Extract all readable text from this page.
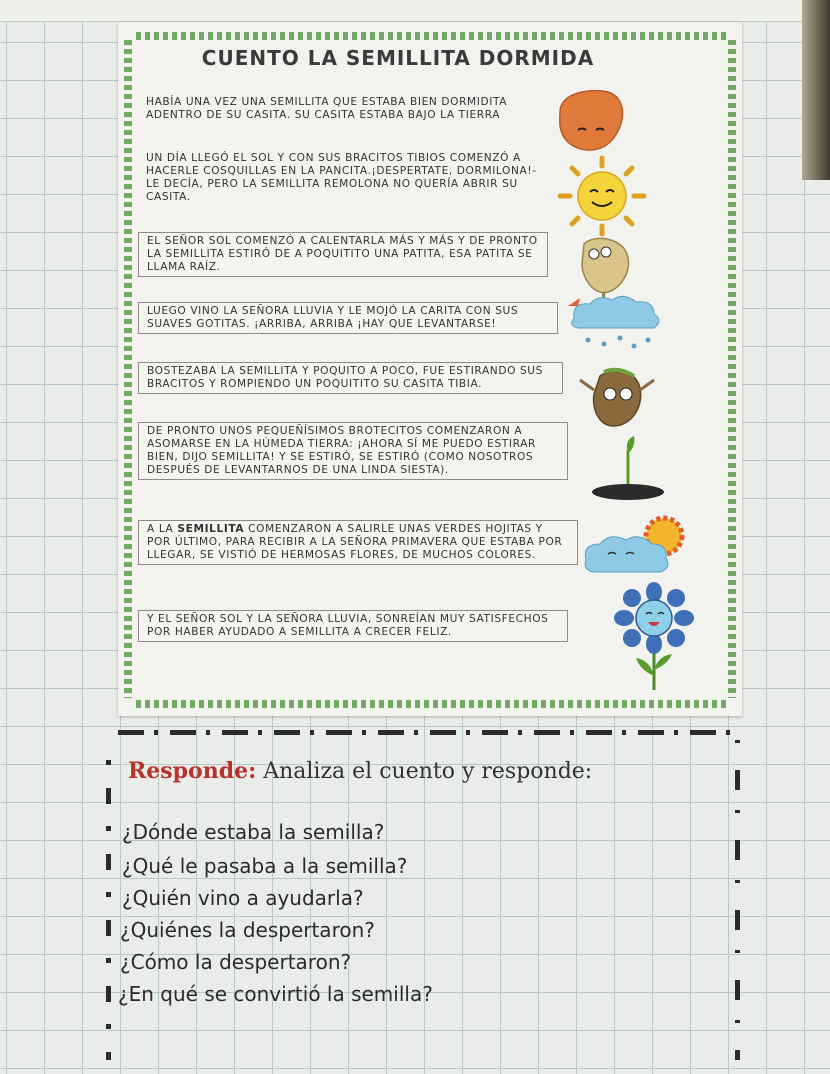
CUENTO LA SEMILLITA DORMIDA
HABÍA UNA VEZ UNA SEMILLITA QUE ESTABA BIEN DORMIDITA ADENTRO DE SU CASITA. SU CASITA ESTABA BAJO LA TIERRA
UN DÍA LLEGÓ EL SOL Y CON SUS BRACITOS TIBIOS COMENZÓ A HACERLE COSQUILLAS EN LA PANCITA.¡DESPERTATE, DORMILONA!- LE DECÍA, PERO LA SEMILLITA REMOLONA NO QUERÍA ABRIR SU CASITA.
EL SEÑOR SOL COMENZÓ A CALENTARLA MÁS Y MÁS Y DE PRONTO LA SEMILLITA ESTIRÓ DE A POQUITITO UNA PATITA, ESA PATITA SE LLAMA RAÍZ.
LUEGO VINO LA SEÑORA LLUVIA Y LE MOJÓ LA CARITA CON SUS SUAVES GOTITAS. ¡ARRIBA, ARRIBA ¡HAY QUE LEVANTARSE!
BOSTEZABA LA SEMILLITA Y POQUITO A POCO, FUE ESTIRANDO SUS BRACITOS Y ROMPIENDO UN POQUITITO SU CASITA TIBIA.
DE PRONTO UNOS PEQUEÑÍSIMOS BROTECITOS COMENZARON A ASOMARSE EN LA HÚMEDA TIERRA: ¡AHORA SÍ ME PUEDO ESTIRAR BIEN, DIJO SEMILLITA! Y SE ESTIRÓ, SE ESTIRÓ (COMO NOSOTROS DESPUÉS DE LEVANTARNOS DE UNA LINDA SIESTA).
A LA SEMILLITA COMENZARON A SALIRLE UNAS VERDES HOJITAS Y POR ÚLTIMO, PARA RECIBIR A LA SEÑORA PRIMAVERA QUE ESTABA POR LLEGAR, SE VISTIÓ DE HERMOSAS FLORES, DE MUCHOS COLORES.
Y EL SEÑOR SOL Y LA SEÑORA LLUVIA, SONREÍAN MUY SATISFECHOS POR HABER AYUDADO A SEMILLITA A CRECER FELIZ.
Responde: Analiza el cuento y responde:
¿Dónde estaba la semilla?
¿Qué le pasaba a la semilla?
¿Quién vino a ayudarla?
¿Quiénes la despertaron?
¿Cómo la despertaron?
¿En qué se convirtió la semilla?
